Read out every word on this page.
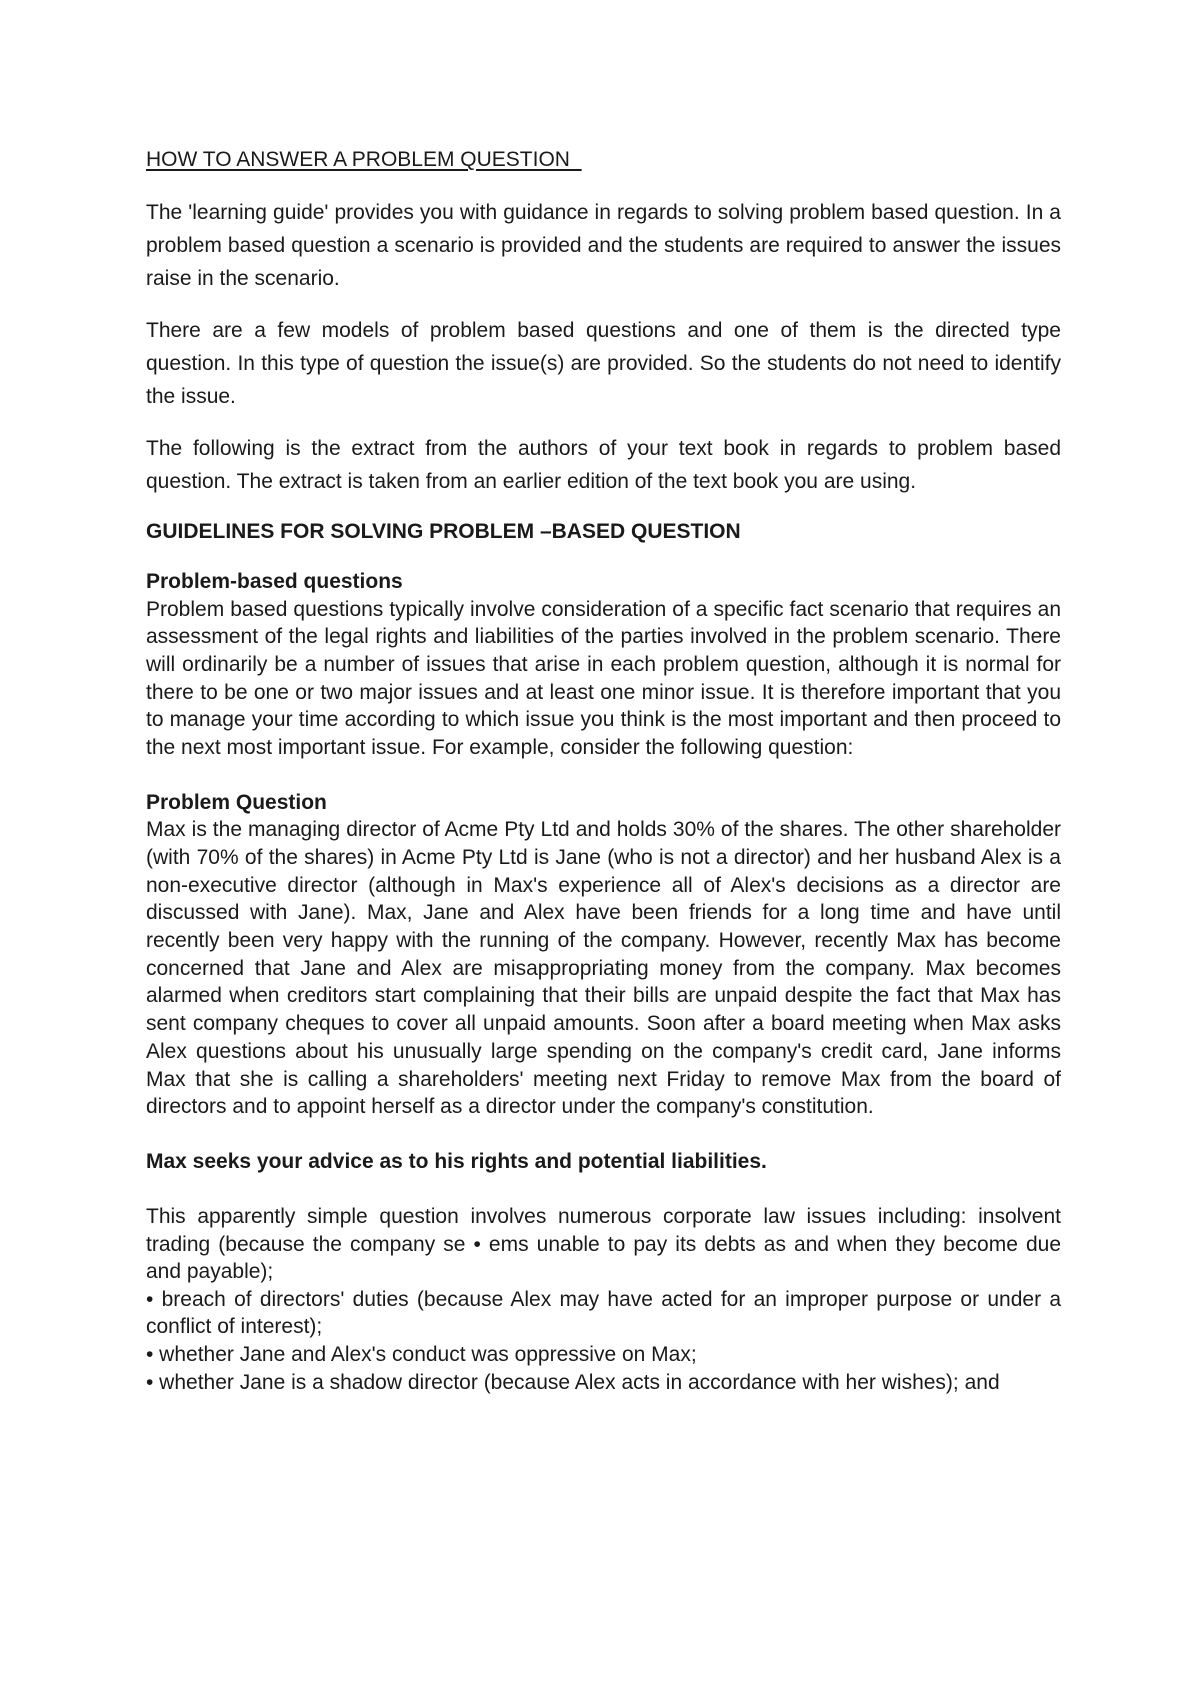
HOW TO ANSWER A PROBLEM QUESTION

The 'learning guide' provides you with guidance in regards to solving problem based question. In a problem based question a scenario is provided and the students are required to answer the issues raise in the scenario.

There are a few models of problem based questions and one of them is the directed type question. In this type of question the issue(s) are provided. So the students do not need to identify the issue.

The following is the extract from the authors of your text book in regards to problem based question. The extract is taken from an earlier edition of the text book you are using.

GUIDELINES FOR SOLVING PROBLEM –BASED QUESTION
Problem-based questions

Problem based questions typically involve consideration of a specific fact scenario that requires an assessment of the legal rights and liabilities of the parties involved in the problem scenario. There will ordinarily be a number of issues that arise in each problem question, although it is normal for there to be one or two major issues and at least one minor issue. It is therefore important that you to manage your time according to which issue you think is the most important and then proceed to the next most important issue. For example, consider the following question:

Problem Question

Max is the managing director of Acme Pty Ltd and holds 30% of the shares. The other shareholder (with 70% of the shares) in Acme Pty Ltd is Jane (who is not a director) and her husband Alex is a non-executive director (although in Max's experience all of Alex's decisions as a director are discussed with Jane). Max, Jane and Alex have been friends for a long time and have until recently been very happy with the running of the company. However, recently Max has become concerned that Jane and Alex are misappropriating money from the company. Max becomes alarmed when creditors start complaining that their bills are unpaid despite the fact that Max has sent company cheques to cover all unpaid amounts. Soon after a board meeting when Max asks Alex questions about his unusually large spending on the company's credit card, Jane informs Max that she is calling a shareholders' meeting next Friday to remove Max from the board of directors and to appoint herself as a director under the company's constitution.

Max seeks your advice as to his rights and potential liabilities.

This apparently simple question involves numerous corporate law issues including: insolvent trading (because the company se • ems unable to pay its debts as and when they become due and payable);

• breach of directors' duties (because Alex may have acted for an improper purpose or under a conflict of interest);

• whether Jane and Alex's conduct was oppressive on Max;

• whether Jane is a shadow director (because Alex acts in accordance with her wishes); and
